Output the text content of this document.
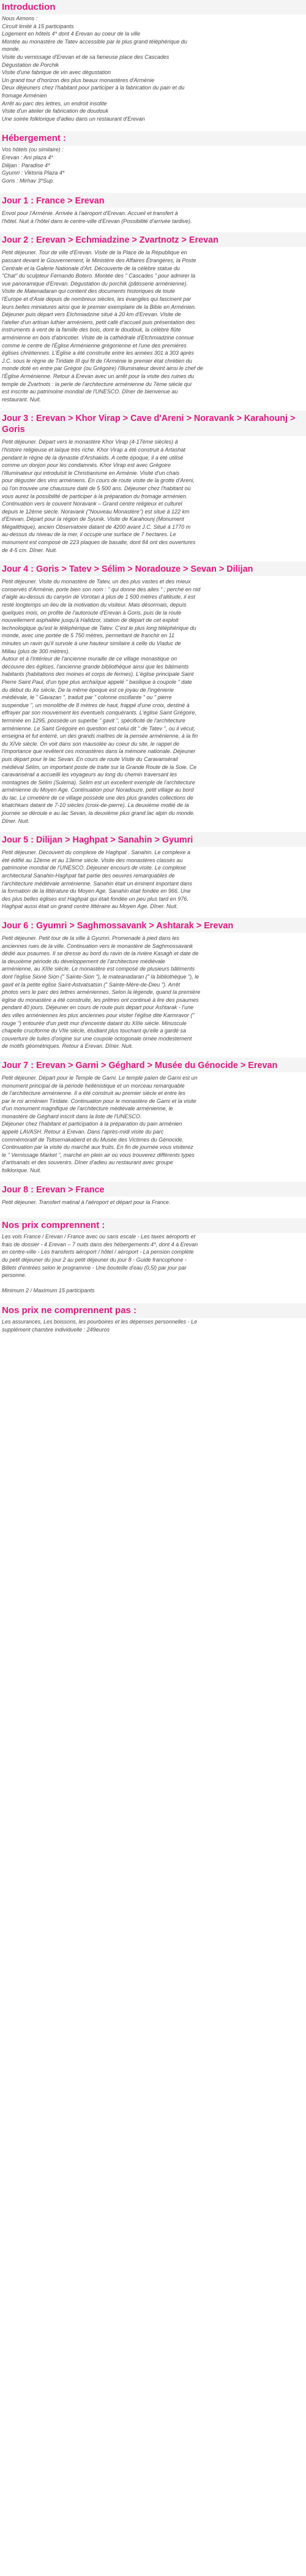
Introduction
Nous Aimons :
Circuit limité à 15 participants
Logement en hôtels 4* dont 4 Erevan au coeur de la ville
Montée au monastère de Tatev accessible par le plus grand téléphérique du
monde.
Visite du vernissage d'Erevan et de sa fameuse place des Cascades
Dégustation de Porchik
Visite d'une fabrique de vin avec dégustation
Un grand tour d'horizon des plus beaux monastères d'Arménie
Deux déjeuners chez l'habitant pour participer à la fabrication du pain et du
fromage Arménien
Arrêt au parc des lettres, un endroit insolite
Visite d'un atelier de fabrication de doudouk
Une soirée folklorique d'adieu dans un restaurant d'Erevan
Hébergement :
Vos hôtels (ou similaire) :
Erevan : Ani plaza 4*
Dilijan : Paradise 4*
Gyumri : Viktoria Plaza 4*
Goris : Mirhav 3*Sup.
Jour 1 : France > Erevan
Envol pour l'Arménie. Arrivée à l'aéroport d'Erevan. Accueil et transfert à
l'hôtel. Nuit à l'hôtel dans le centre-ville d'Erevan (Possibilité d'arrivée tardive).
Jour 2 : Erevan > Echmiadzine > Zvartnotz > Erevan
Petit déjeuner. Tour de ville d'Erevan. Visite de la Place de la République en
passant devant le Gouvernement, le Ministère des Affaires Étrangères, la Poste
Centrale et la Galerie Nationale d'Art. Découverte de la célèbre statue du
"Chat" du sculpteur Fernando Botero. Montée des " Cascades " pour admirer la
vue panoramique d'Erevan. Dégustation du porchik (pâtisserie arménienne).
Visite de Matenadaran qui contient des documents historiques de toute
l'Europe et d'Asie depuis de nombreux siècles, les évangiles qui fascinent par
leurs belles miniatures ainsi que le premier exemplaire de la Bible en Arménien.
Déjeuner puis départ vers Etchmiadzine situé à 20 km d'Erevan. Visite de
l'atelier d'un artisan luthier arméniens, petit café d'accueil puis présentation des
instruments à vent de la famille des bois, dont le doudouk, la célèbre flûte
arménienne en bois d'abricotier. Visite de la cathédrale d'Etchmiadzine connue
comme le centre de l'Église Arménienne grégorienne et l'une des premières
églises chrétiennes. L'Église a été construite entre les années 301 à 303 après
J.C. sous le règne de Tiridate III qui fit de l'Arménie le premier état chrétien du
monde doté en entre par Grégoir (ou Grégoire) l'Illuminateur devint ainsi le chef de
l'Église Arménienne. Retour à Erevan avec un arrêt pour la visite des ruines du
temple de Zvartnots : la perle de l'architecture arménienne du 7ème siècle qui
est inscrite au patrimoine mondial de l'UNESCO. Dîner de bienvenue au
restaurant. Nuit.
Jour 3 : Erevan > Khor Virap > Cave d'Areni > Noravank > Karahounj > Goris
Petit déjeuner. Départ vers le monastère Khor Virap (4-17ème siècles) à
l'histoire religieuse et laïque très riche. Khor Virap a été construit à Artashat
pendant le règne de la dynastie d'Arshakids. A cette époque, il a été utilisé
comme un donjon pour les condamnés. Khor Virap est avec Grégoire
l'Illuminateur qui introduisit le Christianisme en Arménie. Visite d'un chais
pour déguster des vins arméniens. En cours de route visite de la grotte d'Areni,
où l'on trouvée une chaussure daté de 5 500 ans. Déjeuner chez l'habitant où
vous aurez la possibilité de participer à la préparation du fromage arménien.
Continuation vers le couvent Noravank – Grand centre religieux et culturel
depuis le 12ème siècle. Noravank ("Nouveau Monastère") est situé à 122 km
d'Erevan. Départ pour la région de Syunik. Visite de Karahounj (Monument
Mégalithique), ancien Observatoire datant de 4200 avant J.C. Situé à 1770 m
au-dessus du niveau de la mer, il occupe une surface de 7 hectares. Le
monument est composé de 223 plaques de basalte, dont 84 ont des ouvertures
de 4-5 cm. Dîner. Nuit.
Jour 4 : Goris > Tatev > Sélim > Noradouze > Sevan > Dilijan
Petit déjeuner. Visite du monastère de Tatev, un des plus vastes et des mieux
conservés d'Arménie, porte bien son nom : " qui donne des ailes " ; perché en nid
d'aigle au-dessus du canyon de Vorotan à plus de 1 500 mètres d'altitude, il est
resté longtemps un lieu de la motivation du visiteur. Mais désormais, depuis
quelques mois, on profite de l'autoroute d'Erevan à Goris, puis de la route
nouvellement asphaltée jusqu'à Halidzor, station de départ de cet exploit
technologique qu'est le téléphérique de Tatev. C'est le plus long téléphérique du
monde, avec une portée de 5 750 mètres, permettant de franchir en 11
minutes un ravin qu'il survole à une hauteur similaire à celle du Viaduc de
Millau (plus de 300 mètres).
Autour et à l'intérieur de l'ancienne muraille de ce village monastique on
découvre des églises, l'ancienne grande bibliothèque ainsi que les bâtiments
habitants (habitations des moines et corps de fermes). L'église principale Saint
Pierre Saint Paul, d'un type plus archaïque appelé " basilique à coupole " date
du début du Xe siècle. De la même époque est ce joyau de l'ingénierie
médiévale, le " Gavazan ", traduit par " colonne oscillante " ou " pierre
suspendue ", un monolithe de 8 mètres de haut, frappé d'une croix, destiné à
effrayer par son mouvement les éventuels conquérants. L'église Saint Grégoire,
terminée en 1295, possède un superbe " gavit ", spécificité de l'architecture
arménienne. Le Saint Grégoire en question est celui dit " de Tatev ", ou il vécut,
enseigna et fut enterré, un des grands maîtres de la pensée arménienne, à la fin
du XIVe siècle. On voit dans son mausolée au coeur du site, le rappel de
l'importance que revêtent ces monastères dans la mémoire nationale. Déjeuner
puis départ pour le lac Sevan. En cours de route Visite du Caravansérail
médiéval Sélim, un important poste de traite sur la Grande Route de la Soie. Ce
caravansérail a accueilli les voyageurs au long du chemin traversant les
montagnes de Sélim (Sulema). Sélim est un excellent exemple de l'architecture
arménienne du Moyen Age. Continuation pour Noradouze, petit village au bord
du lac. Le cimetière de ce village possède une des plus grandes collections de
khatchkars datant de 7-10 siècles (croix-de-pierre). La deuxième moitié de la
journée se déroule e au lac Sevan, la deuxième plus grand lac alpin du monde.
Dîner. Nuit.
Jour 5 : Dilijan > Haghpat > Sanahin > Gyumri
Petit déjeuner. Découvert du complexe de Haghpat . Sanahin. Le complexe a
été édifié au 12ème et au 13ème siècle. Visite des monastères classés au
patrimoine mondial de l'UNESCO. Déjeuner encours de visite. Le complexe
architectural Sanahin-Haghpat fait partie des oeuvres remarquables de
l'architecture médiévale arménienne. Sanahin était un éminent important dans
la formation de la littérature du Moyen Age. Sanahin était fondée en 966. Une
des plus belles églises est Haghpat qui était fondée un peu plus tard en 976.
Haghpat aussi était un grand centre littéraire au Moyen Age. Dîner. Nuit.
Jour 6 : Gyumri > Saghmossavank > Ashtarak > Erevan
Petit déjeuner. Petit tour de la ville à Gyumri. Promenade à pied dans les
anciennes rues de la ville. Continuation vers le monastère de Saghmossavank
dédié aux psaumes. Il se dresse au bord du ravin de la rivière Kasagh et date de
la deuxième période du développement de l'architecture médiévale
arménienne, au XIIIe siècle. Le monastère est composé de plusieurs bâtiments
dont l'église Sioné Sion (" Sainte-Sion "), le mateanadaran (" la bibliothèque "), le
gavit et la petite église Saint-Astvatsatsin (" Sainte-Mère-de-Dieu "). Arrêt
photos vers le parc des lettres arméniennes. Selon la légende, quand la première
église du monastère a été construite, les prêtres ont continué à lire des psaumes
pendant 40 jours. Déjeuner en cours de route puis départ pour Ashtarak - l'une
des villes arméniennes les plus anciennes pour visiter l'église dite Karmravor ("
rouge ") entourée d'un petit mur d'enceinte datant du XIIIe siècle. Minuscule
chapelle cruciforme du VIIe siècle, étudiant plus touchant qu'elle a gardé sa
couverture de tuiles d'origine sur une coupole octogonale ornée modestement
de motifs géométriques. Retour à Erevan. Dîner. Nuit.
Jour 7 : Erevan > Garni > Géghard > Musée du Génocide > Erevan
Petit déjeuner. Départ pour le Temple de Garni. Le temple païen de Garni est un
monument principal de la période hellénistique et un morceau remarquable
de l'architecture arménienne. Il a été construit au premier siècle et entre les
par le roi arménien Tiridate. Continuation pour le monastère de Garni et la visite
d'un monument magnifique de l'architecture médiévale arménienne, le
monastère de Géghard inscrit dans la liste de l'UNESCO.
Déjeuner chez l'habitant et participation à la préparation du pain arménien
appelé LAVASH. Retour à Erevan. Dans l'après-midi visite du parc
commémoratif de Tsitsernakaberd et du Musée des Victimes du Génocide.
Continuation par la visite du marché aux fruits. En fin de journée vous visiterez
le " Vernissage Market ", marché en plein air où vous trouverez différents types
d'artisanats et des souvenirs. Dîner d'adieu au restaurant avec groupe
folklorique. Nuit.
Jour 8 : Erevan > France
Petit déjeuner. Transfert matinal à l'aéroport et départ pour la France.
Nos prix comprennent :
Les vols France / Erevan / France avec ou sans escale - Les taxes aéroports et
frais de dossier - 4 Erevan – 7 nuits dans des hébergements 4*, dont 4 à Erevan
en centre-ville - Les transferts aéroport / hôtel / aéroport - La pension complète
du petit déjeuner du jour 2 au petit déjeuner du jour 8 - Guide francophone -
Billets d'entrées selon le programme - Une bouteille d'eau (0.5l) par jour par
personne.

Minimum 2 / Maximum 15 participants
Nos prix ne comprennent pas :
Les assurances, Les boissons, les pourboires et les dépenses personnelles - Le
supplément chambre individuelle : 249euros
